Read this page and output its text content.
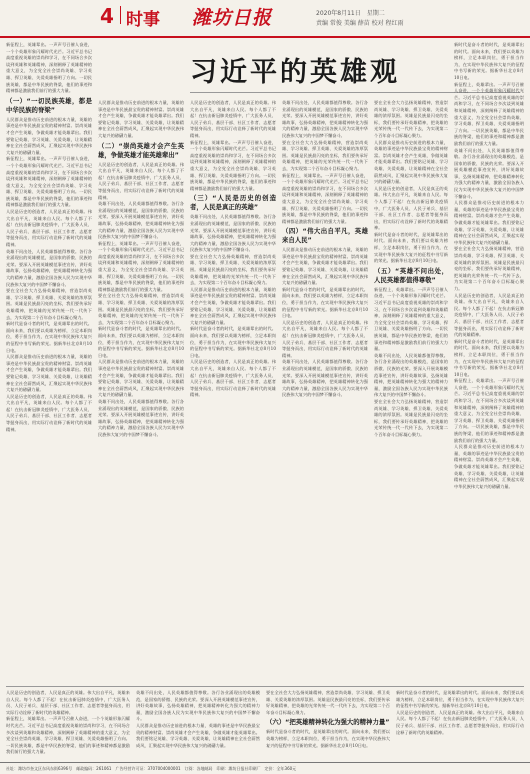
4 时事 潍坊日报	2020年8月11日　星期二
责编 常俊 美编 薛苗 校对 程红雨
习近平的英雄观
新征程上，英雄辈出。一声声号召催人奋进，一个个英雄形象闪耀时代光芒。习近平总书记高度重视英雄的崇尚和学习，在不同场合多次谈到英雄和英雄精神，深刻阐释了英雄精神的重大意义，为全党全社会崇尚英雄、学习英雄、捍卫英雄、关爱英雄指明了方向。一切民族英雄，都是中华民族的脊梁，他们的事迹和精神都是激励我们前行的强大力量。
（一）“一切民族英雄，都是中华民族的脊梁”
人民群众是推动历史前进的根本力量，英雄的事迹是中华民族最宝贵的精神财富。崇尚英雄才会产生英雄，争做英雄才能英雄辈出。我们要铭记英雄、学习英雄、关爱英雄，让英雄精神在全社会蔚然成风，汇聚起实现中华民族伟大复兴的磅礴力量。
新征程上，英雄辈出。一声声号召催人奋进，一个个英雄形象闪耀时代光芒。习近平总书记高度重视英雄的崇尚和学习，在不同场合多次谈到英雄和英雄精神，深刻阐释了英雄精神的重大意义，为全党全社会崇尚英雄、学习英雄、捍卫英雄、关爱英雄指明了方向。一切民族英雄，都是中华民族的脊梁，他们的事迹和精神都是激励我们前行的强大力量。
人民是历史的创造者，人民是真正的英雄。伟大出自平凡，英雄来自人民。每个人都了不起！在抗击新冠肺炎疫情中，广大医务人员、人民子弟兵、基层干部、社区工作者、志愿者等挺身而出，用实际行动诠释了新时代的英雄精神。
英雄不问出处，人民英雄都值得尊敬。各行各业涌现出的英雄模范，是国家的骄傲、民族的光荣。要深入开展英雄模范事迹宣传，讲好英雄故事，弘扬英雄精神，把英雄精神转化为强大的精神力量，激励全国各族人民为实现中华民族伟大复兴的中国梦不懈奋斗。
要在全社会大力弘扬英雄精神，营造崇尚英雄、学习英雄、捍卫英雄、关爱英雄的浓厚氛围。英雄是民族最闪亮的坐标，我们要传承好英雄精神，把英雄的光荣传统一代一代传下去，为实现第二个百年奋斗目标凝心聚力。
新时代是奋斗者的时代，是英雄辈出的时代。面向未来，我们要以英雄为榜样，立足本职岗位，勇于担当作为，在实现中华民族伟大复兴的征程中书写新的荣光。据新华社北京8月10日电。
人民群众是推动历史前进的根本力量，英雄的事迹是中华民族最宝贵的精神财富。崇尚英雄才会产生英雄，争做英雄才能英雄辈出。我们要铭记英雄、学习英雄、关爱英雄，让英雄精神在全社会蔚然成风，汇聚起实现中华民族伟大复兴的磅礴力量。
人民是历史的创造者，人民是真正的英雄。伟大出自平凡，英雄来自人民。每个人都了不起！在抗击新冠肺炎疫情中，广大医务人员、人民子弟兵、基层干部、社区工作者、志愿者等挺身而出，用实际行动诠释了新时代的英雄精神。
人民群众是推动历史前进的根本力量，英雄的事迹是中华民族最宝贵的精神财富。崇尚英雄才会产生英雄，争做英雄才能英雄辈出。我们要铭记英雄、学习英雄、关爱英雄，让英雄精神在全社会蔚然成风，汇聚起实现中华民族伟大复兴的磅礴力量。
（二）“崇尚英雄才会产生英雄，争做英雄才能英雄辈出”
人民是历史的创造者，人民是真正的英雄。伟大出自平凡，英雄来自人民。每个人都了不起！在抗击新冠肺炎疫情中，广大医务人员、人民子弟兵、基层干部、社区工作者、志愿者等挺身而出，用实际行动诠释了新时代的英雄精神。
英雄不问出处，人民英雄都值得尊敬。各行各业涌现出的英雄模范，是国家的骄傲、民族的光荣。要深入开展英雄模范事迹宣传，讲好英雄故事，弘扬英雄精神，把英雄精神转化为强大的精神力量，激励全国各族人民为实现中华民族伟大复兴的中国梦不懈奋斗。
新征程上，英雄辈出。一声声号召催人奋进，一个个英雄形象闪耀时代光芒。习近平总书记高度重视英雄的崇尚和学习，在不同场合多次谈到英雄和英雄精神，深刻阐释了英雄精神的重大意义，为全党全社会崇尚英雄、学习英雄、捍卫英雄、关爱英雄指明了方向。一切民族英雄，都是中华民族的脊梁，他们的事迹和精神都是激励我们前行的强大力量。
要在全社会大力弘扬英雄精神，营造崇尚英雄、学习英雄、捍卫英雄、关爱英雄的浓厚氛围。英雄是民族最闪亮的坐标，我们要传承好英雄精神，把英雄的光荣传统一代一代传下去，为实现第二个百年奋斗目标凝心聚力。
新时代是奋斗者的时代，是英雄辈出的时代。面向未来，我们要以英雄为榜样，立足本职岗位，勇于担当作为，在实现中华民族伟大复兴的征程中书写新的荣光。据新华社北京8月10日电。
人民群众是推动历史前进的根本力量，英雄的事迹是中华民族最宝贵的精神财富。崇尚英雄才会产生英雄，争做英雄才能英雄辈出。我们要铭记英雄、学习英雄、关爱英雄，让英雄精神在全社会蔚然成风，汇聚起实现中华民族伟大复兴的磅礴力量。
英雄不问出处，人民英雄都值得尊敬。各行各业涌现出的英雄模范，是国家的骄傲、民族的光荣。要深入开展英雄模范事迹宣传，讲好英雄故事，弘扬英雄精神，把英雄精神转化为强大的精神力量，激励全国各族人民为实现中华民族伟大复兴的中国梦不懈奋斗。
人民是历史的创造者，人民是真正的英雄。伟大出自平凡，英雄来自人民。每个人都了不起！在抗击新冠肺炎疫情中，广大医务人员、人民子弟兵、基层干部、社区工作者、志愿者等挺身而出，用实际行动诠释了新时代的英雄精神。
新征程上，英雄辈出。一声声号召催人奋进，一个个英雄形象闪耀时代光芒。习近平总书记高度重视英雄的崇尚和学习，在不同场合多次谈到英雄和英雄精神，深刻阐释了英雄精神的重大意义，为全党全社会崇尚英雄、学习英雄、捍卫英雄、关爱英雄指明了方向。一切民族英雄，都是中华民族的脊梁，他们的事迹和精神都是激励我们前行的强大力量。
（三）“人民是历史的创造者，人民是真正的英雄”
英雄不问出处，人民英雄都值得尊敬。各行各业涌现出的英雄模范，是国家的骄傲、民族的光荣。要深入开展英雄模范事迹宣传，讲好英雄故事，弘扬英雄精神，把英雄精神转化为强大的精神力量，激励全国各族人民为实现中华民族伟大复兴的中国梦不懈奋斗。
要在全社会大力弘扬英雄精神，营造崇尚英雄、学习英雄、捍卫英雄、关爱英雄的浓厚氛围。英雄是民族最闪亮的坐标，我们要传承好英雄精神，把英雄的光荣传统一代一代传下去，为实现第二个百年奋斗目标凝心聚力。
人民群众是推动历史前进的根本力量，英雄的事迹是中华民族最宝贵的精神财富。崇尚英雄才会产生英雄，争做英雄才能英雄辈出。我们要铭记英雄、学习英雄、关爱英雄，让英雄精神在全社会蔚然成风，汇聚起实现中华民族伟大复兴的磅礴力量。
新时代是奋斗者的时代，是英雄辈出的时代。面向未来，我们要以英雄为榜样，立足本职岗位，勇于担当作为，在实现中华民族伟大复兴的征程中书写新的荣光。据新华社北京8月10日电。
人民是历史的创造者，人民是真正的英雄。伟大出自平凡，英雄来自人民。每个人都了不起！在抗击新冠肺炎疫情中，广大医务人员、人民子弟兵、基层干部、社区工作者、志愿者等挺身而出，用实际行动诠释了新时代的英雄精神。
英雄不问出处，人民英雄都值得尊敬。各行各业涌现出的英雄模范，是国家的骄傲、民族的光荣。要深入开展英雄模范事迹宣传，讲好英雄故事，弘扬英雄精神，把英雄精神转化为强大的精神力量，激励全国各族人民为实现中华民族伟大复兴的中国梦不懈奋斗。
要在全社会大力弘扬英雄精神，营造崇尚英雄、学习英雄、捍卫英雄、关爱英雄的浓厚氛围。英雄是民族最闪亮的坐标，我们要传承好英雄精神，把英雄的光荣传统一代一代传下去，为实现第二个百年奋斗目标凝心聚力。
新征程上，英雄辈出。一声声号召催人奋进，一个个英雄形象闪耀时代光芒。习近平总书记高度重视英雄的崇尚和学习，在不同场合多次谈到英雄和英雄精神，深刻阐释了英雄精神的重大意义，为全党全社会崇尚英雄、学习英雄、捍卫英雄、关爱英雄指明了方向。一切民族英雄，都是中华民族的脊梁，他们的事迹和精神都是激励我们前行的强大力量。
（四）“伟大出自平凡，英雄来自人民”
人民群众是推动历史前进的根本力量，英雄的事迹是中华民族最宝贵的精神财富。崇尚英雄才会产生英雄，争做英雄才能英雄辈出。我们要铭记英雄、学习英雄、关爱英雄，让英雄精神在全社会蔚然成风，汇聚起实现中华民族伟大复兴的磅礴力量。
新时代是奋斗者的时代，是英雄辈出的时代。面向未来，我们要以英雄为榜样，立足本职岗位，勇于担当作为，在实现中华民族伟大复兴的征程中书写新的荣光。据新华社北京8月10日电。
人民是历史的创造者，人民是真正的英雄。伟大出自平凡，英雄来自人民。每个人都了不起！在抗击新冠肺炎疫情中，广大医务人员、人民子弟兵、基层干部、社区工作者、志愿者等挺身而出，用实际行动诠释了新时代的英雄精神。
英雄不问出处，人民英雄都值得尊敬。各行各业涌现出的英雄模范，是国家的骄傲、民族的光荣。要深入开展英雄模范事迹宣传，讲好英雄故事，弘扬英雄精神，把英雄精神转化为强大的精神力量，激励全国各族人民为实现中华民族伟大复兴的中国梦不懈奋斗。
要在全社会大力弘扬英雄精神，营造崇尚英雄、学习英雄、捍卫英雄、关爱英雄的浓厚氛围。英雄是民族最闪亮的坐标，我们要传承好英雄精神，把英雄的光荣传统一代一代传下去，为实现第二个百年奋斗目标凝心聚力。
人民群众是推动历史前进的根本力量，英雄的事迹是中华民族最宝贵的精神财富。崇尚英雄才会产生英雄，争做英雄才能英雄辈出。我们要铭记英雄、学习英雄、关爱英雄，让英雄精神在全社会蔚然成风，汇聚起实现中华民族伟大复兴的磅礴力量。
人民是历史的创造者，人民是真正的英雄。伟大出自平凡，英雄来自人民。每个人都了不起！在抗击新冠肺炎疫情中，广大医务人员、人民子弟兵、基层干部、社区工作者、志愿者等挺身而出，用实际行动诠释了新时代的英雄精神。
新时代是奋斗者的时代，是英雄辈出的时代。面向未来，我们要以英雄为榜样，立足本职岗位，勇于担当作为，在实现中华民族伟大复兴的征程中书写新的荣光。据新华社北京8月10日电。
（五）“英雄不问出处，人民英雄都值得尊敬”
新征程上，英雄辈出。一声声号召催人奋进，一个个英雄形象闪耀时代光芒。习近平总书记高度重视英雄的崇尚和学习，在不同场合多次谈到英雄和英雄精神，深刻阐释了英雄精神的重大意义，为全党全社会崇尚英雄、学习英雄、捍卫英雄、关爱英雄指明了方向。一切民族英雄，都是中华民族的脊梁，他们的事迹和精神都是激励我们前行的强大力量。
英雄不问出处，人民英雄都值得尊敬。各行各业涌现出的英雄模范，是国家的骄傲、民族的光荣。要深入开展英雄模范事迹宣传，讲好英雄故事，弘扬英雄精神，把英雄精神转化为强大的精神力量，激励全国各族人民为实现中华民族伟大复兴的中国梦不懈奋斗。
要在全社会大力弘扬英雄精神，营造崇尚英雄、学习英雄、捍卫英雄、关爱英雄的浓厚氛围。英雄是民族最闪亮的坐标，我们要传承好英雄精神，把英雄的光荣传统一代一代传下去，为实现第二个百年奋斗目标凝心聚力。
新时代是奋斗者的时代，是英雄辈出的时代。面向未来，我们要以英雄为榜样，立足本职岗位，勇于担当作为，在实现中华民族伟大复兴的征程中书写新的荣光。据新华社北京8月10日电。
新征程上，英雄辈出。一声声号召催人奋进，一个个英雄形象闪耀时代光芒。习近平总书记高度重视英雄的崇尚和学习，在不同场合多次谈到英雄和英雄精神，深刻阐释了英雄精神的重大意义，为全党全社会崇尚英雄、学习英雄、捍卫英雄、关爱英雄指明了方向。一切民族英雄，都是中华民族的脊梁，他们的事迹和精神都是激励我们前行的强大力量。
英雄不问出处，人民英雄都值得尊敬。各行各业涌现出的英雄模范，是国家的骄傲、民族的光荣。要深入开展英雄模范事迹宣传，讲好英雄故事，弘扬英雄精神，把英雄精神转化为强大的精神力量，激励全国各族人民为实现中华民族伟大复兴的中国梦不懈奋斗。
人民群众是推动历史前进的根本力量，英雄的事迹是中华民族最宝贵的精神财富。崇尚英雄才会产生英雄，争做英雄才能英雄辈出。我们要铭记英雄、学习英雄、关爱英雄，让英雄精神在全社会蔚然成风，汇聚起实现中华民族伟大复兴的磅礴力量。
要在全社会大力弘扬英雄精神，营造崇尚英雄、学习英雄、捍卫英雄、关爱英雄的浓厚氛围。英雄是民族最闪亮的坐标，我们要传承好英雄精神，把英雄的光荣传统一代一代传下去，为实现第二个百年奋斗目标凝心聚力。
人民是历史的创造者，人民是真正的英雄。伟大出自平凡，英雄来自人民。每个人都了不起！在抗击新冠肺炎疫情中，广大医务人员、人民子弟兵、基层干部、社区工作者、志愿者等挺身而出，用实际行动诠释了新时代的英雄精神。
新时代是奋斗者的时代，是英雄辈出的时代。面向未来，我们要以英雄为榜样，立足本职岗位，勇于担当作为，在实现中华民族伟大复兴的征程中书写新的荣光。据新华社北京8月10日电。
新征程上，英雄辈出。一声声号召催人奋进，一个个英雄形象闪耀时代光芒。习近平总书记高度重视英雄的崇尚和学习，在不同场合多次谈到英雄和英雄精神，深刻阐释了英雄精神的重大意义，为全党全社会崇尚英雄、学习英雄、捍卫英雄、关爱英雄指明了方向。一切民族英雄，都是中华民族的脊梁，他们的事迹和精神都是激励我们前行的强大力量。
人民群众是推动历史前进的根本力量，英雄的事迹是中华民族最宝贵的精神财富。崇尚英雄才会产生英雄，争做英雄才能英雄辈出。我们要铭记英雄、学习英雄、关爱英雄，让英雄精神在全社会蔚然成风，汇聚起实现中华民族伟大复兴的磅礴力量。
人民是历史的创造者，人民是真正的英雄。伟大出自平凡，英雄来自人民。每个人都了不起！在抗击新冠肺炎疫情中，广大医务人员、人民子弟兵、基层干部、社区工作者、志愿者等挺身而出，用实际行动诠释了新时代的英雄精神。
新征程上，英雄辈出。一声声号召催人奋进，一个个英雄形象闪耀时代光芒。习近平总书记高度重视英雄的崇尚和学习，在不同场合多次谈到英雄和英雄精神，深刻阐释了英雄精神的重大意义，为全党全社会崇尚英雄、学习英雄、捍卫英雄、关爱英雄指明了方向。一切民族英雄，都是中华民族的脊梁，他们的事迹和精神都是激励我们前行的强大力量。
英雄不问出处，人民英雄都值得尊敬。各行各业涌现出的英雄模范，是国家的骄傲、民族的光荣。要深入开展英雄模范事迹宣传，讲好英雄故事，弘扬英雄精神，把英雄精神转化为强大的精神力量，激励全国各族人民为实现中华民族伟大复兴的中国梦不懈奋斗。
人民群众是推动历史前进的根本力量，英雄的事迹是中华民族最宝贵的精神财富。崇尚英雄才会产生英雄，争做英雄才能英雄辈出。我们要铭记英雄、学习英雄、关爱英雄，让英雄精神在全社会蔚然成风，汇聚起实现中华民族伟大复兴的磅礴力量。
要在全社会大力弘扬英雄精神，营造崇尚英雄、学习英雄、捍卫英雄、关爱英雄的浓厚氛围。英雄是民族最闪亮的坐标，我们要传承好英雄精神，把英雄的光荣传统一代一代传下去，为实现第二个百年奋斗目标凝心聚力。
（六）“把英雄精神转化为强大的精神力量”
新时代是奋斗者的时代，是英雄辈出的时代。面向未来，我们要以英雄为榜样，立足本职岗位，勇于担当作为，在实现中华民族伟大复兴的征程中书写新的荣光。据新华社北京8月10日电。
新时代是奋斗者的时代，是英雄辈出的时代。面向未来，我们要以英雄为榜样，立足本职岗位，勇于担当作为，在实现中华民族伟大复兴的征程中书写新的荣光。据新华社北京8月10日电。
人民是历史的创造者，人民是真正的英雄。伟大出自平凡，英雄来自人民。每个人都了不起！在抗击新冠肺炎疫情中，广大医务人员、人民子弟兵、基层干部、社区工作者、志愿者等挺身而出，用实际行动诠释了新时代的英雄精神。
社址：潍坊市奎文区东风东街6396号　邮政编码：261061　广告经营许可证：3707004000001　订阅：各地邮局　印刷：潍坊日报社印刷厂　定价：全年360元
